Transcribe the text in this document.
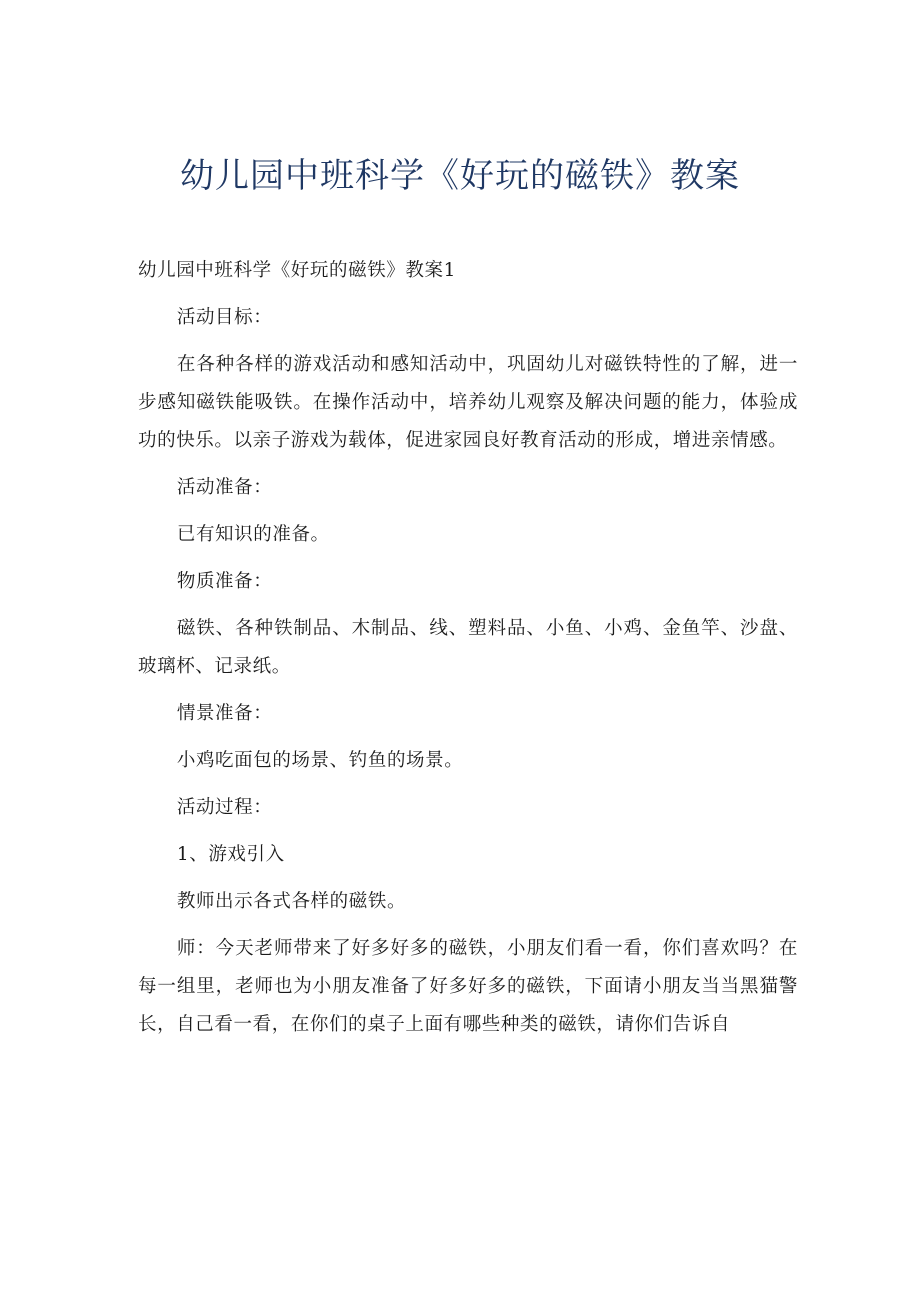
幼儿园中班科学《好玩的磁铁》教案

幼儿园中班科学《好玩的磁铁》教案1

活动目标：

在各种各样的游戏活动和感知活动中，巩固幼儿对磁铁特性的了解，进一步感知磁铁能吸铁。在操作活动中，培养幼儿观察及解决问题的能力，体验成功的快乐。以亲子游戏为载体，促进家园良好教育活动的形成，增进亲情感。

活动准备：

已有知识的准备。

物质准备：

磁铁、各种铁制品、木制品、线、塑料品、小鱼、小鸡、金鱼竿、沙盘、玻璃杯、记录纸。

情景准备：

小鸡吃面包的场景、钓鱼的场景。

活动过程：

1、游戏引入

教师出示各式各样的磁铁。

师：今天老师带来了好多好多的磁铁，小朋友们看一看，你们喜欢吗？在每一组里，老师也为小朋友准备了好多好多的磁铁，下面请小朋友当当黑猫警长，自己看一看，在你们的桌子上面有哪些种类的磁铁，请你们告诉自
